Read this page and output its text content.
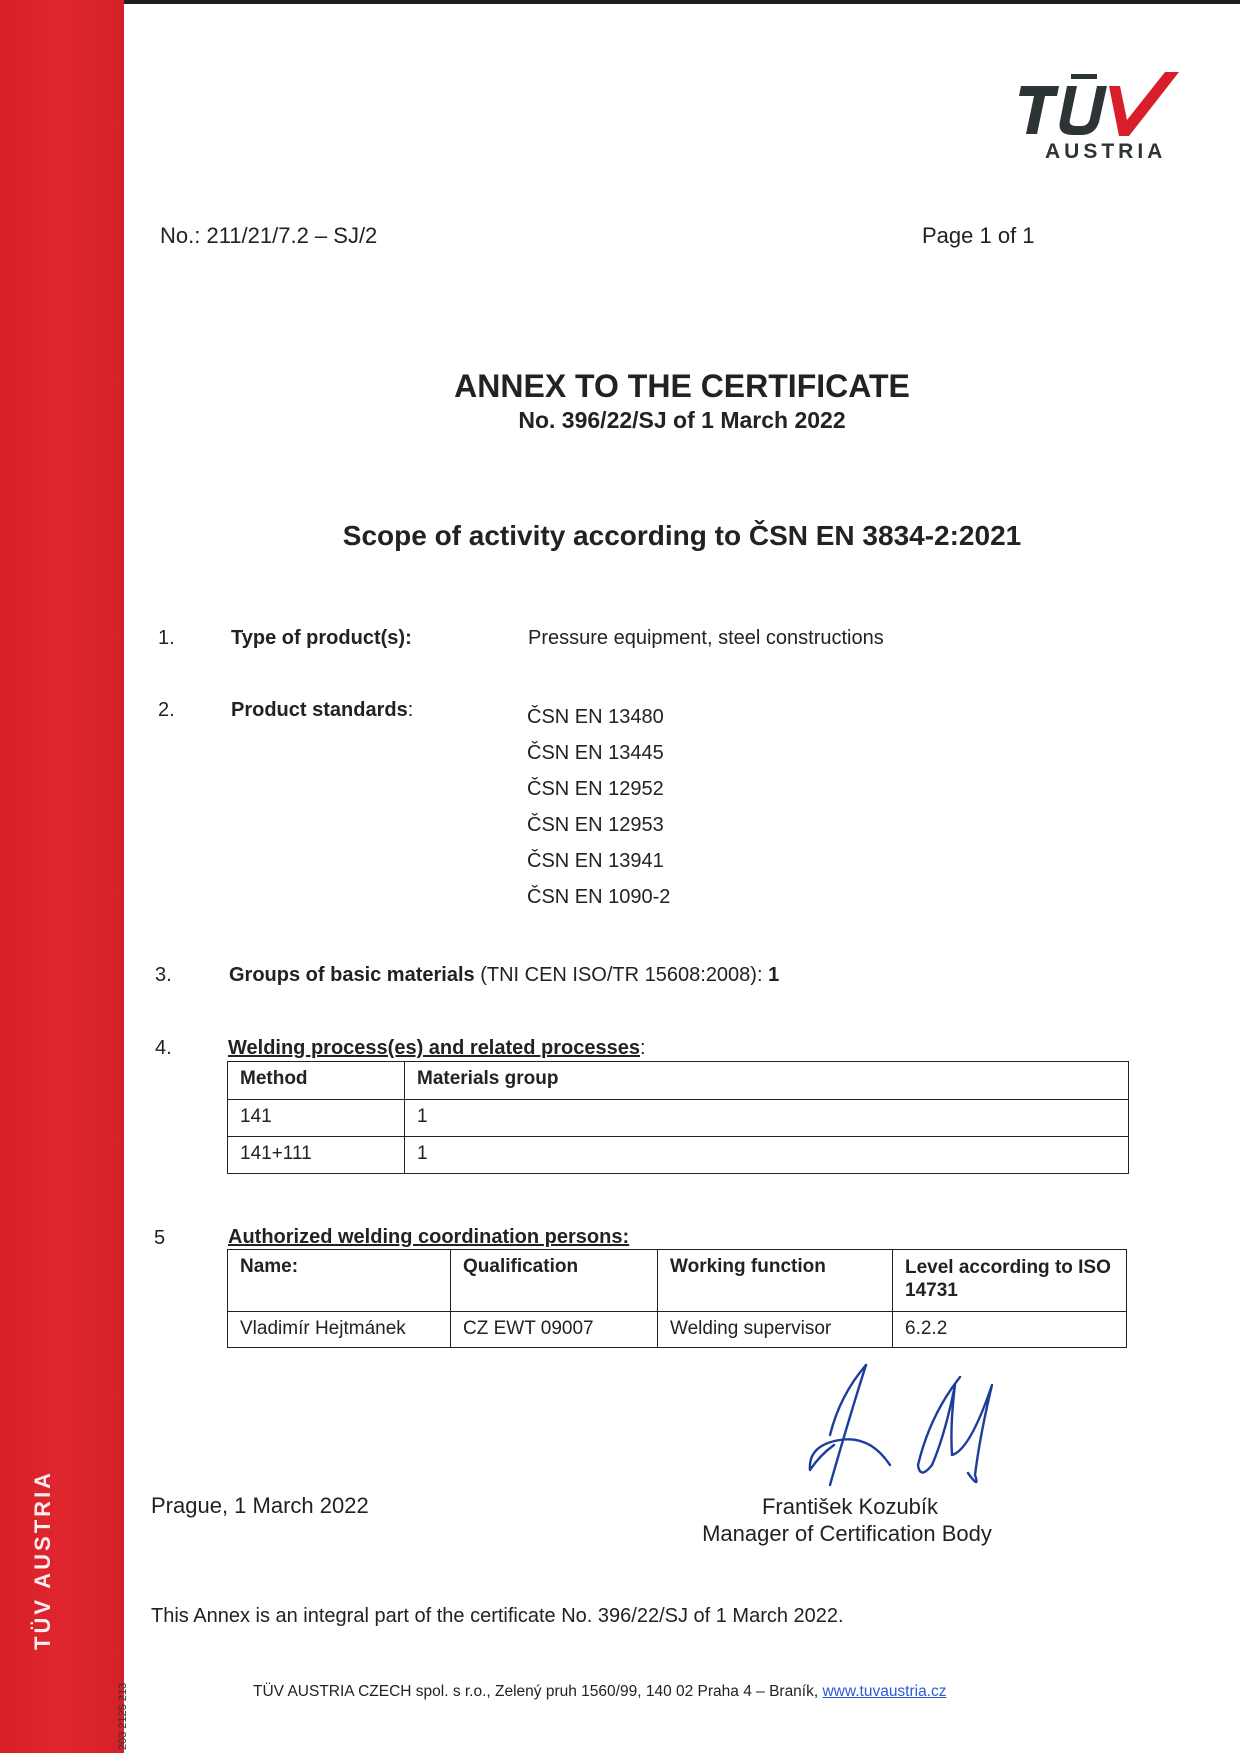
TÜV AUSTRIA
203 2125 213
AUSTRIA
No.: 211/21/7.2 – SJ/2	Page 1 of 1
ANNEX TO THE CERTIFICATE
No. 396/22/SJ of 1 March 2022
Scope of activity according to ČSN EN 3834-2:2021
1.	Type of product(s):	Pressure equipment, steel constructions
2.	Product standards:	ČSN EN 13480
ČSN EN 13445
ČSN EN 12952
ČSN EN 12953
ČSN EN 13941
ČSN EN 1090-2
3.	Groups of basic materials (TNI CEN ISO/TR 15608:2008): 1
4.	Welding process(es) and related processes:
Method	Materials group
141	1
141+111	1
5	Authorized welding coordination persons:
Name:	Qualification	Working function	Level according to ISO 14731
Vladimír Hejtmánek	CZ EWT 09007	Welding supervisor	6.2.2
Prague, 1 March 2022	František Kozubík
Manager of Certification Body
This Annex is an integral part of the certificate No. 396/22/SJ of 1 March 2022.
TÜV AUSTRIA CZECH spol. s r.o., Zelený pruh 1560/99, 140 02 Praha 4 – Braník, www.tuvaustria.cz
